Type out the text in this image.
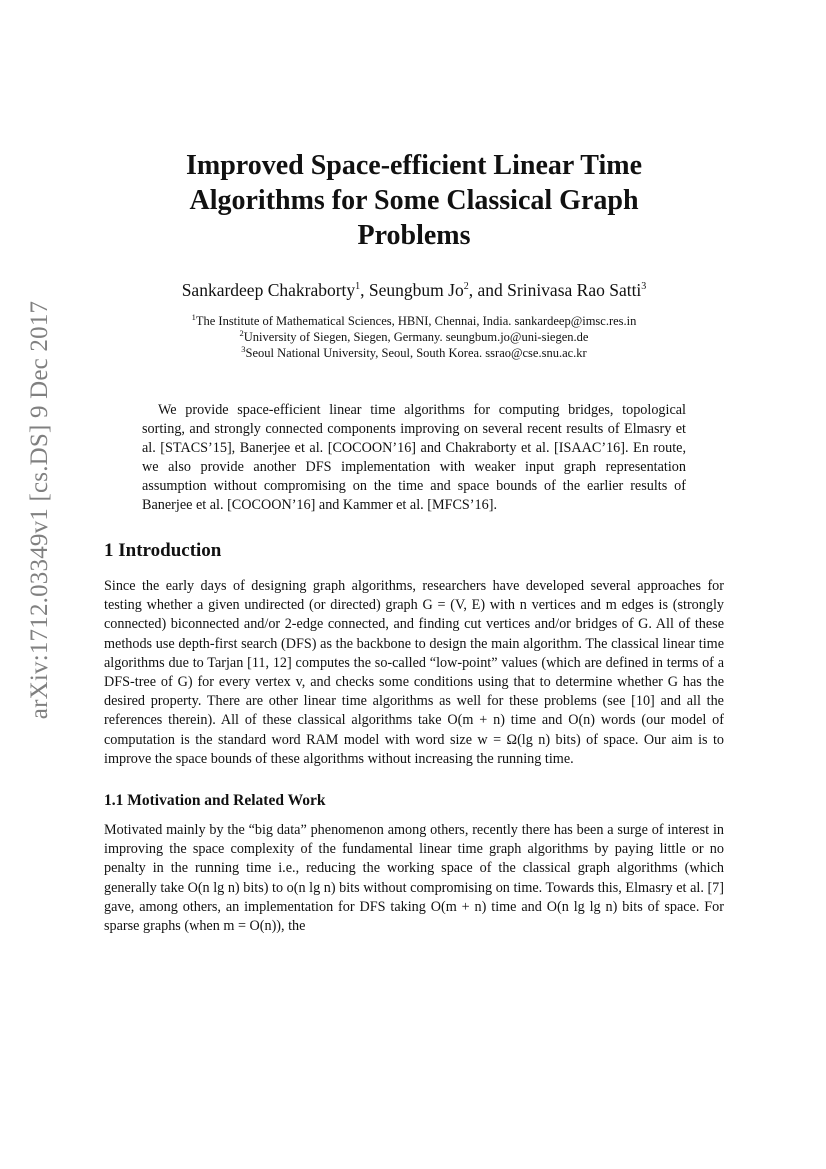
arXiv:1712.03349v1 [cs.DS] 9 Dec 2017
Improved Space-efficient Linear Time Algorithms for Some Classical Graph Problems
Sankardeep Chakraborty$^1$, Seungbum Jo$^2$, and Srinivasa Rao Satti$^3$
$^1$The Institute of Mathematical Sciences, HBNI, Chennai, India. sankardeep@imsc.res.in
$^2$University of Siegen, Siegen, Germany. seungbum.jo@uni-siegen.de
$^3$Seoul National University, Seoul, South Korea. ssrao@cse.snu.ac.kr

We provide space-efficient linear time algorithms for computing bridges, topological sorting, and strongly connected components improving on several recent results of Elmasry et al. [STACS’15], Banerjee et al. [COCOON’16] and Chakraborty et al. [ISAAC’16]. En route, we also provide another DFS implementation with weaker input graph representation assumption without compromising on the time and space bounds of the earlier results of Banerjee et al. [COCOON’16] and Kammer et al. [MFCS’16].

1 Introduction

Since the early days of designing graph algorithms, researchers have developed several approaches for testing whether a given undirected (or directed) graph G = (V, E) with n vertices and m edges is (strongly connected) biconnected and/or 2-edge connected, and finding cut vertices and/or bridges of G. All of these methods use depth-first search (DFS) as the backbone to design the main algorithm. The classical linear time algorithms due to Tarjan [11, 12] computes the so-called “low-point” values (which are defined in terms of a DFS-tree of G) for every vertex v, and checks some conditions using that to determine whether G has the desired property. There are other linear time algorithms as well for these problems (see [10] and all the references therein). All of these classical algorithms take O(m + n) time and O(n) words (our model of computation is the standard word RAM model with word size w = Ω(lg n) bits) of space. Our aim is to improve the space bounds of these algorithms without increasing the running time.

1.1 Motivation and Related Work

Motivated mainly by the “big data” phenomenon among others, recently there has been a surge of interest in improving the space complexity of the fundamental linear time graph algorithms by paying little or no penalty in the running time i.e., reducing the working space of the classical graph algorithms (which generally take O(n lg n) bits) to o(n lg n) bits without compromising on time. Towards this, Elmasry et al. [7] gave, among others, an implementation for DFS taking O(m + n) time and O(n lg lg n) bits of space. For sparse graphs (when m = O(n)), the
